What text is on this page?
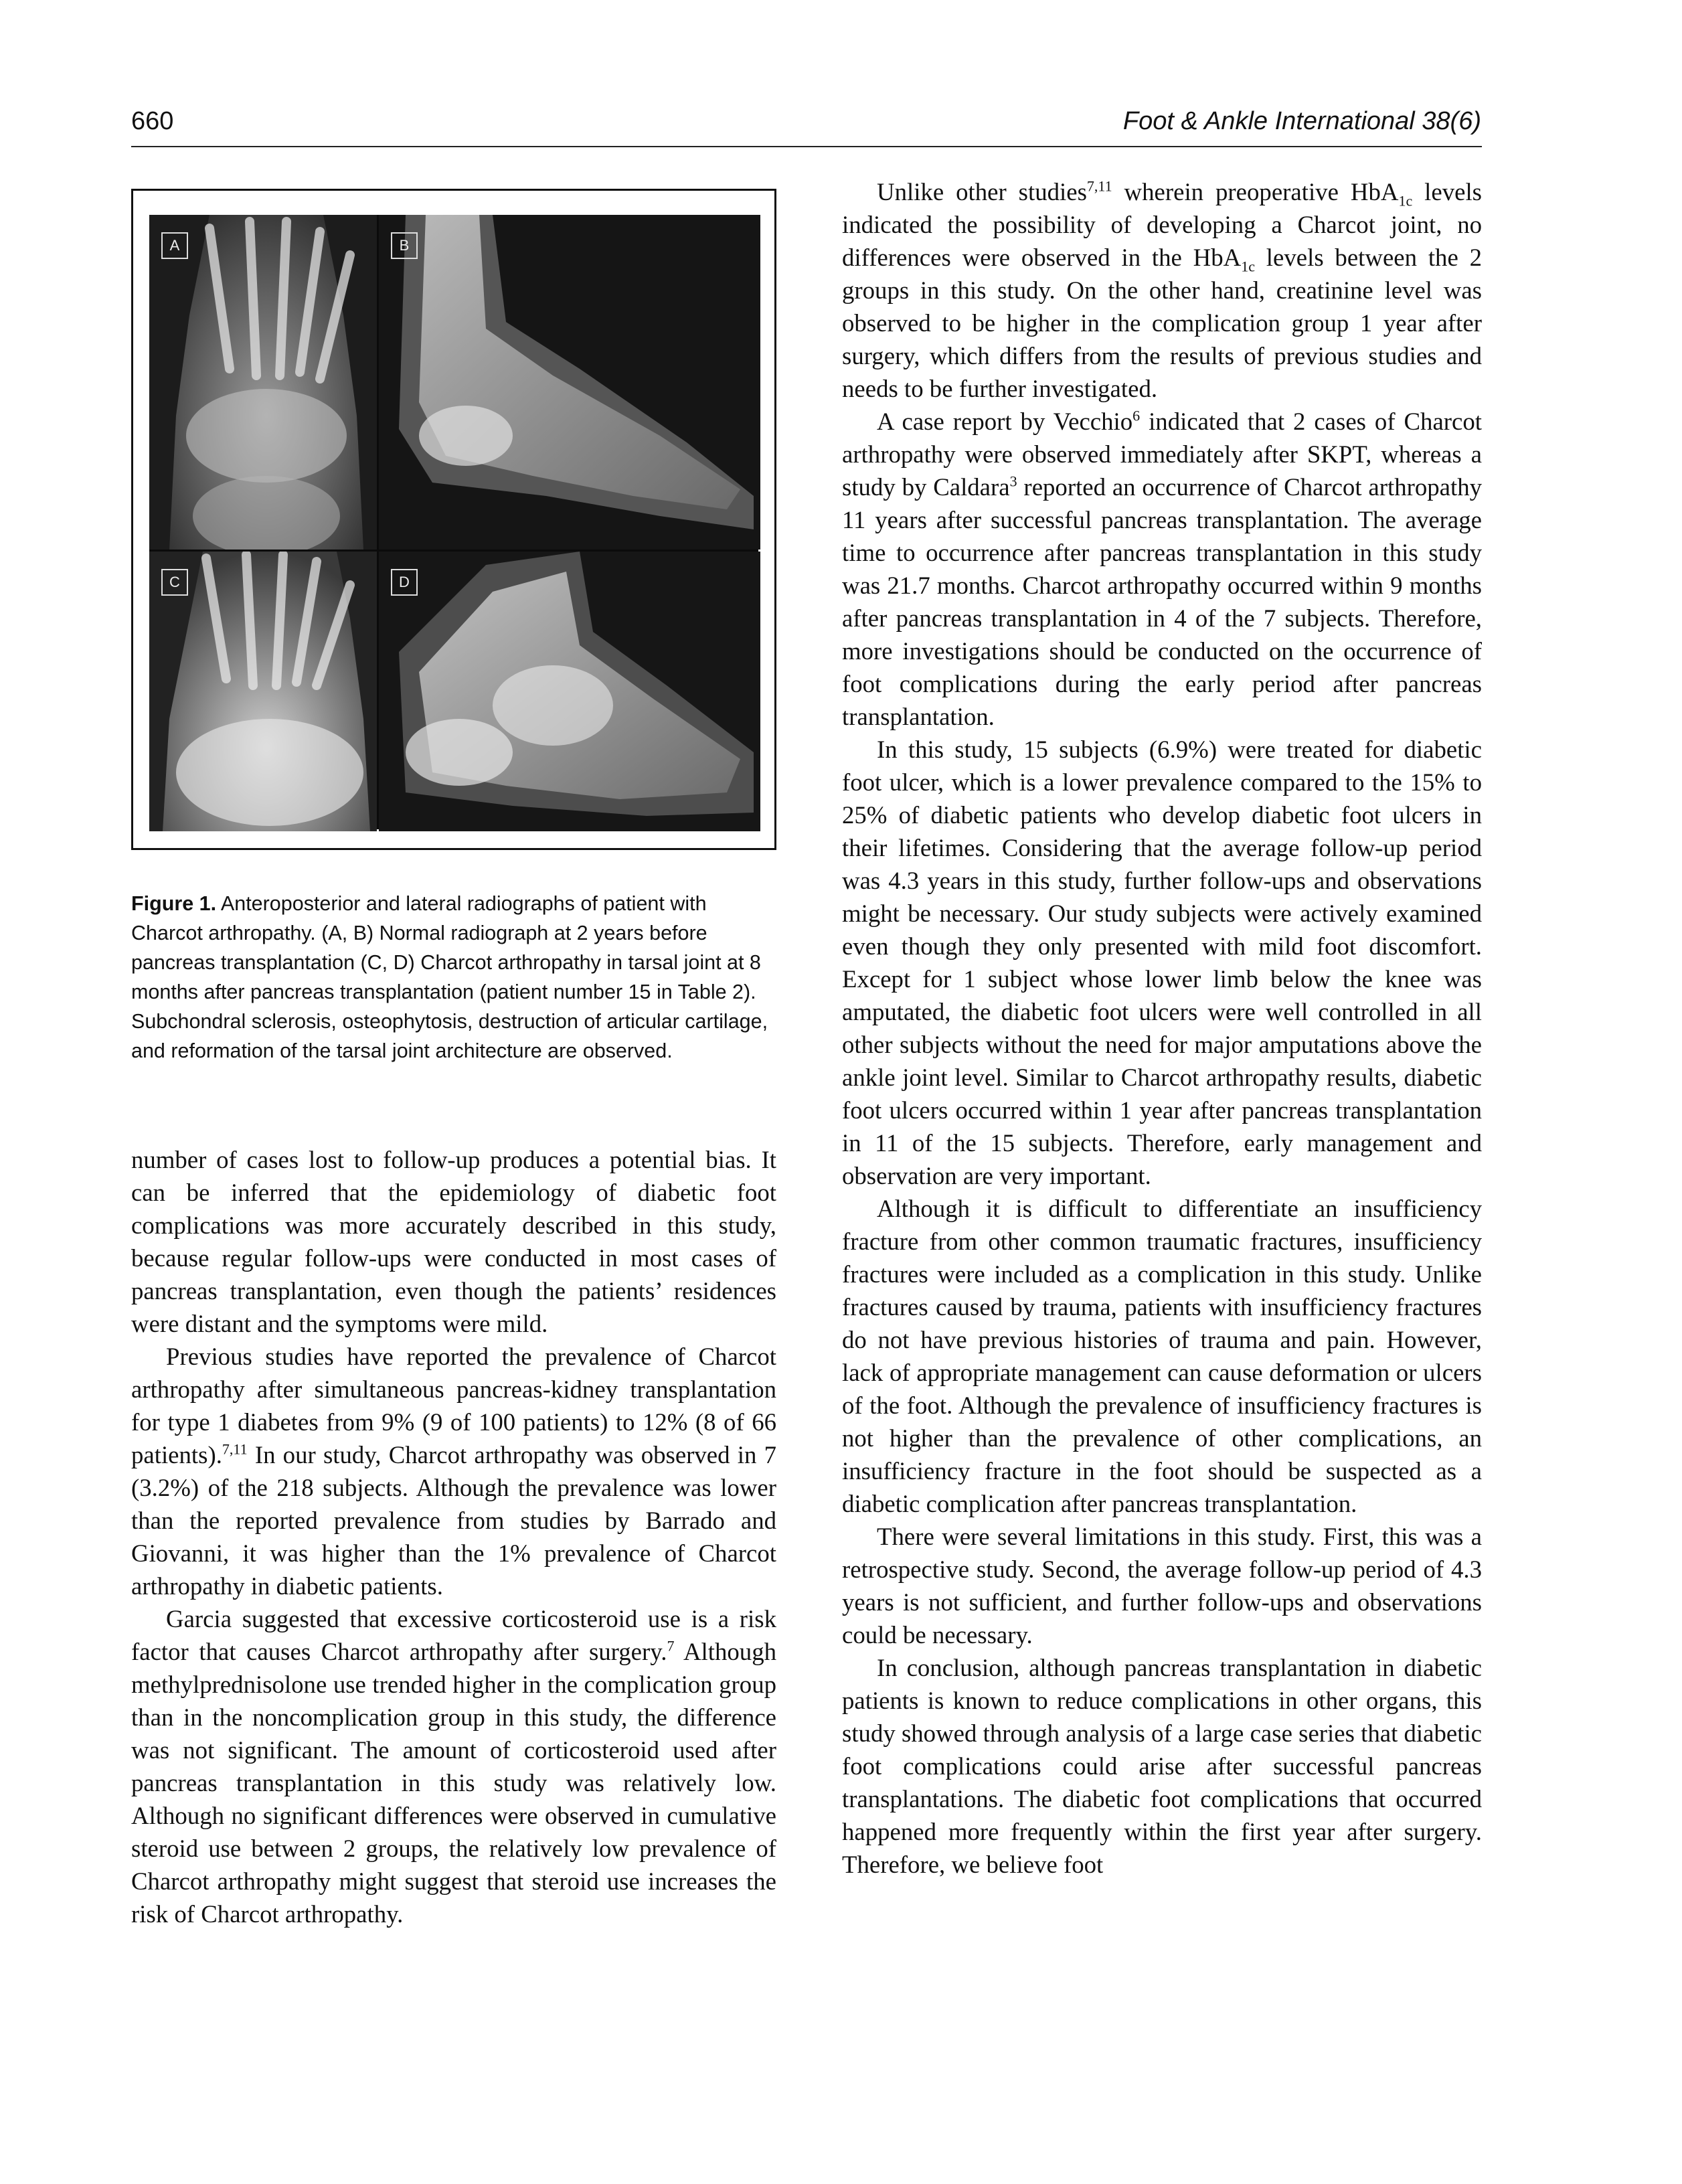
660	Foot & Ankle International 38(6)
A	B
C	D
Figure 1. Anteroposterior and lateral radiographs of patient with Charcot arthropathy. (A, B) Normal radiograph at 2 years before pancreas transplantation (C, D) Charcot arthropathy in tarsal joint at 8 months after pancreas transplantation (patient number 15 in Table 2). Subchondral sclerosis, osteophytosis, destruction of articular cartilage, and reformation of the tarsal joint architecture are observed.

number of cases lost to follow-up produces a potential bias. It can be inferred that the epidemiology of diabetic foot complications was more accurately described in this study, because regular follow-ups were conducted in most cases of pancreas transplantation, even though the patients’ residences were distant and the symptoms were mild.

Previous studies have reported the prevalence of Charcot arthropathy after simultaneous pancreas-kidney transplantation for type 1 diabetes from 9% (9 of 100 patients) to 12% (8 of 66 patients).$^{7,11}$ In our study, Charcot arthropathy was observed in 7 (3.2%) of the 218 subjects. Although the prevalence was lower than the reported prevalence from studies by Barrado and Giovanni, it was higher than the 1% prevalence of Charcot arthropathy in diabetic patients.

Garcia suggested that excessive corticosteroid use is a risk factor that causes Charcot arthropathy after surgery.$^7$ Although methylprednisolone use trended higher in the complication group than in the noncomplication group in this study, the difference was not significant. The amount of corticosteroid used after pancreas transplantation in this study was relatively low. Although no significant differences were observed in cumulative steroid use between 2 groups, the relatively low prevalence of Charcot arthropathy might suggest that steroid use increases the risk of Charcot arthropathy.

Unlike other studies$^{7,11}$ wherein preoperative HbA$_{1c}$ levels indicated the possibility of developing a Charcot joint, no differences were observed in the HbA$_{1c}$ levels between the 2 groups in this study. On the other hand, creatinine level was observed to be higher in the complication group 1 year after surgery, which differs from the results of previous studies and needs to be further investigated.

A case report by Vecchio$^6$ indicated that 2 cases of Charcot arthropathy were observed immediately after SKPT, whereas a study by Caldara$^3$ reported an occurrence of Charcot arthropathy 11 years after successful pancreas transplantation. The average time to occurrence after pancreas transplantation in this study was 21.7 months. Charcot arthropathy occurred within 9 months after pancreas transplantation in 4 of the 7 subjects. Therefore, more investigations should be conducted on the occurrence of foot complications during the early period after pancreas transplantation.

In this study, 15 subjects (6.9%) were treated for diabetic foot ulcer, which is a lower prevalence compared to the 15% to 25% of diabetic patients who develop diabetic foot ulcers in their lifetimes. Considering that the average follow-up period was 4.3 years in this study, further follow-ups and observations might be necessary. Our study subjects were actively examined even though they only presented with mild foot discomfort. Except for 1 subject whose lower limb below the knee was amputated, the diabetic foot ulcers were well controlled in all other subjects without the need for major amputations above the ankle joint level. Similar to Charcot arthropathy results, diabetic foot ulcers occurred within 1 year after pancreas transplantation in 11 of the 15 subjects. Therefore, early management and observation are very important.

Although it is difficult to differentiate an insufficiency fracture from other common traumatic fractures, insufficiency fractures were included as a complication in this study. Unlike fractures caused by trauma, patients with insufficiency fractures do not have previous histories of trauma and pain. However, lack of appropriate management can cause deformation or ulcers of the foot. Although the prevalence of insufficiency fractures is not higher than the prevalence of other complications, an insufficiency fracture in the foot should be suspected as a diabetic complication after pancreas transplantation.

There were several limitations in this study. First, this was a retrospective study. Second, the average follow-up period of 4.3 years is not sufficient, and further follow-ups and observations could be necessary.

In conclusion, although pancreas transplantation in diabetic patients is known to reduce complications in other organs, this study showed through analysis of a large case series that diabetic foot complications could arise after successful pancreas transplantations. The diabetic foot complications that occurred happened more frequently within the first year after surgery. Therefore, we believe foot
